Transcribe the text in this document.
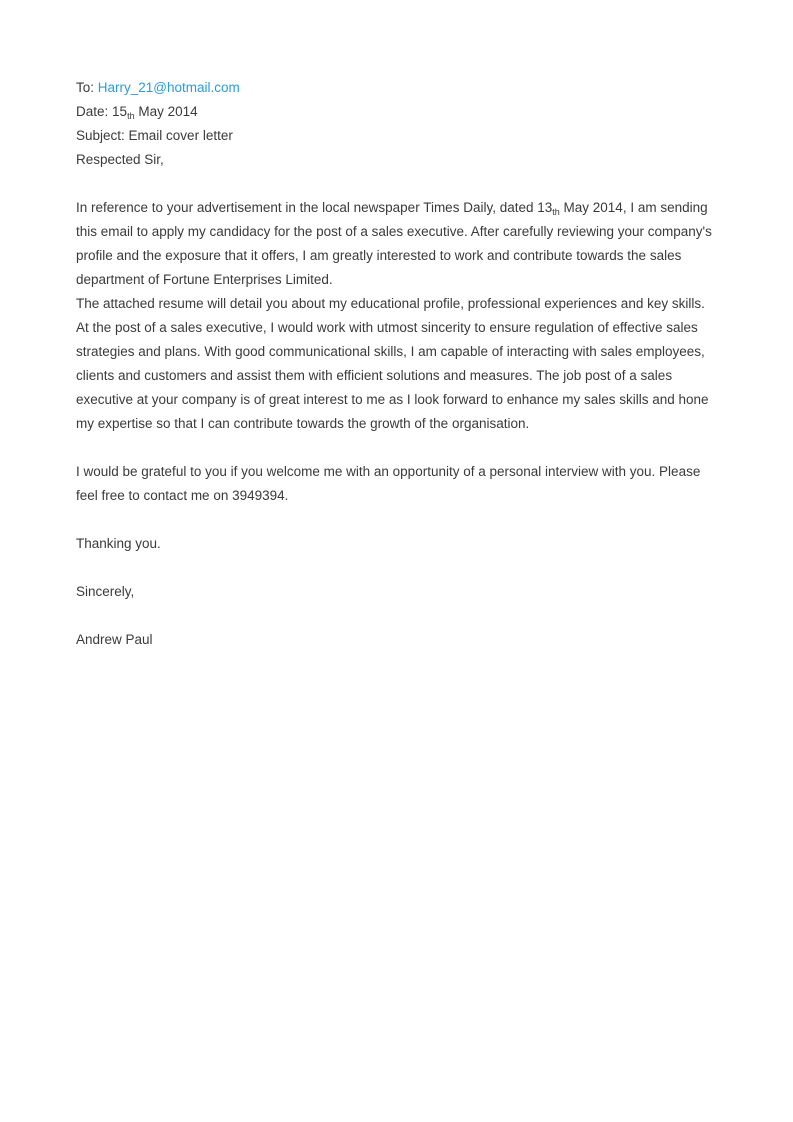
To: Harry_21@hotmail.com
Date: $15_{th}$ May 2014
Subject: Email cover letter
Respected Sir,

In reference to your advertisement in the local newspaper Times Daily, dated $13_{th}$ May 2014, I am sending this email to apply my candidacy for the post of a sales executive. After carefully reviewing your company's profile and the exposure that it offers, I am greatly interested to work and contribute towards the sales department of Fortune Enterprises Limited.

The attached resume will detail you about my educational profile, professional experiences and key skills. At the post of a sales executive, I would work with utmost sincerity to ensure regulation of effective sales strategies and plans. With good communicational skills, I am capable of interacting with sales employees, clients and customers and assist them with efficient solutions and measures. The job post of a sales executive at your company is of great interest to me as I look forward to enhance my sales skills and hone my expertise so that I can contribute towards the growth of the organisation.

I would be grateful to you if you welcome me with an opportunity of a personal interview with you. Please feel free to contact me on 3949394.

Thanking you.

Sincerely,

Andrew Paul
